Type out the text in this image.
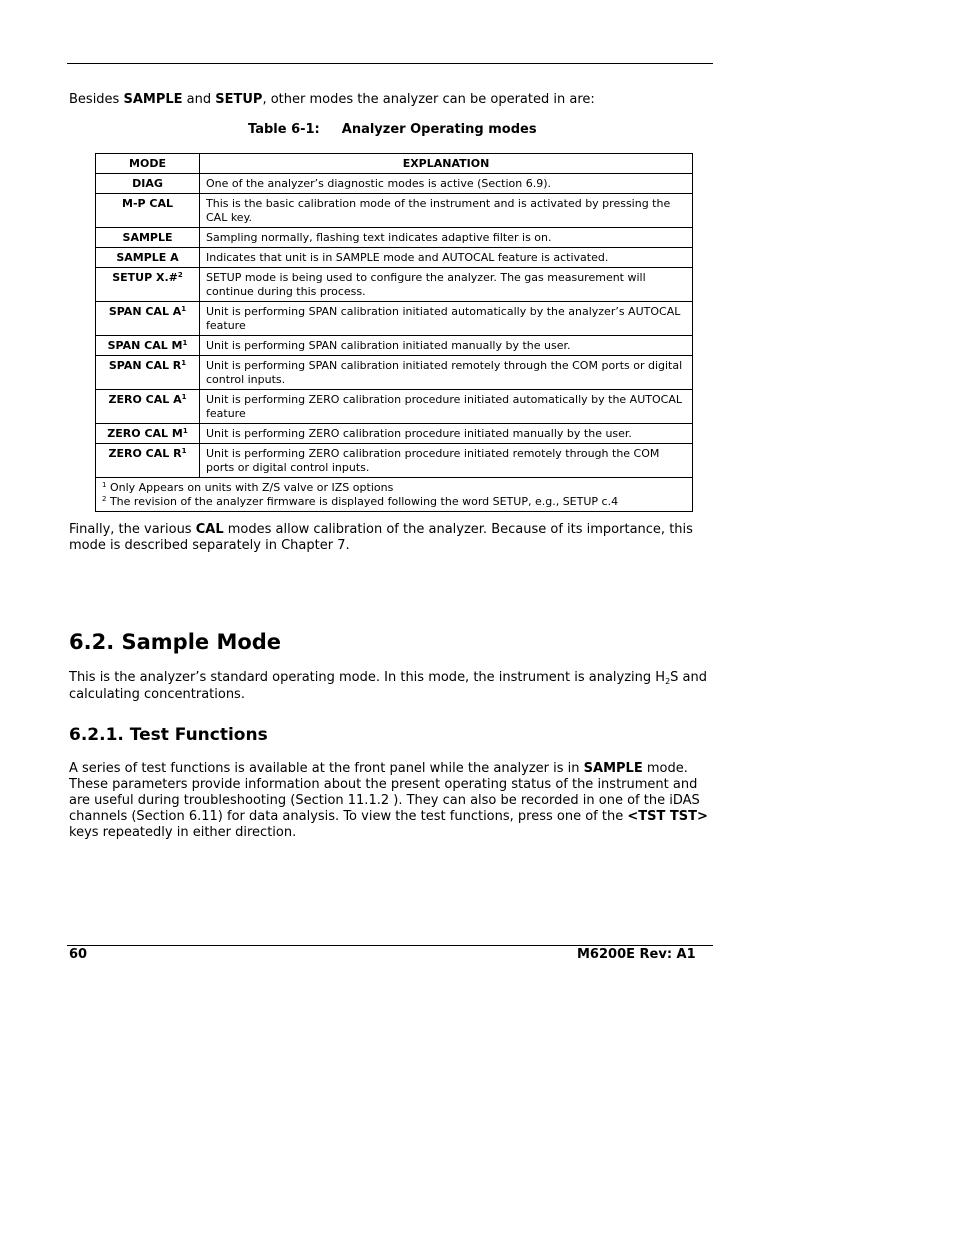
Besides SAMPLE and SETUP, other modes the analyzer can be operated in are:

Table 6-1: Analyzer Operating modes
MODE	EXPLANATION
DIAG	One of the analyzer’s diagnostic modes is active (Section 6.9).
M-P CAL	This is the basic calibration mode of the instrument and is activated by pressing the CAL key.
SAMPLE	Sampling normally, flashing text indicates adaptive filter is on.
SAMPLE A	Indicates that unit is in SAMPLE mode and AUTOCAL feature is activated.
SETUP X.#$^2$	SETUP mode is being used to configure the analyzer. The gas measurement will continue during this process.
SPAN CAL $A^1$	Unit is performing SPAN calibration initiated automatically by the analyzer’s AUTOCAL feature
SPAN CAL $M^1$	Unit is performing SPAN calibration initiated manually by the user.
SPAN CAL $R^1$	Unit is performing SPAN calibration initiated remotely through the COM ports or digital control inputs.
ZERO CAL $A^1$	Unit is performing ZERO calibration procedure initiated automatically by the AUTOCAL feature
ZERO CAL $M^1$	Unit is performing ZERO calibration procedure initiated manually by the user.
ZERO CAL $R^1$	Unit is performing ZERO calibration procedure initiated remotely through the COM ports or digital control inputs.

$^1$ Only Appears on units with Z/S valve or IZS options
$^2$ The revision of the analyzer firmware is displayed following the word SETUP, e.g., SETUP c.4	

Finally, the various CAL modes allow calibration of the analyzer. Because of its importance, this mode is described separately in Chapter 7.

6.2. Sample Mode

This is the analyzer’s standard operating mode. In this mode, the instrument is analyzing $H_2S$ and calculating concentrations.

6.2.1. Test Functions

A series of test functions is available at the front panel while the analyzer is in SAMPLE mode. These parameters provide information about the present operating status of the instrument and are useful during troubleshooting (Section 11.1.2 ). They can also be recorded in one of the iDAS channels (Section 6.11) for data analysis. To view the test functions, press one of the <TST TST> keys repeatedly in either direction.

60	M6200E Rev: A1
